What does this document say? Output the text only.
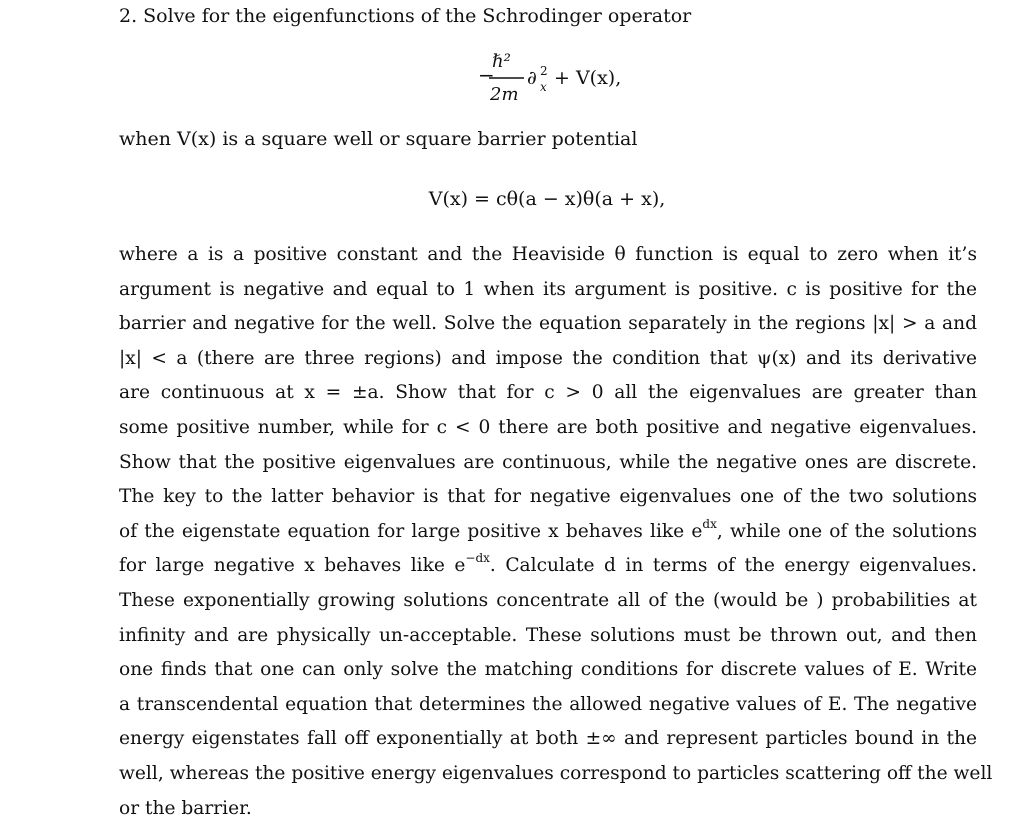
2. Solve for the eigenfunctions of the Schrodinger operator
−
ℏ²
2m
∂ 2
x + V(x),
when V(x) is a square well or square barrier potential
V(x) = cθ(a − x)θ(a + x),
where a is a positive constant and the Heaviside θ function is equal to zero when it’s
argument is negative and equal to 1 when its argument is positive. c is positive for the
barrier and negative for the well. Solve the equation separately in the regions |x| > a and
|x| < a (there are three regions) and impose the condition that ψ(x) and its derivative
are continuous at x = ±a. Show that for c > 0 all the eigenvalues are greater than
some positive number, while for c < 0 there are both positive and negative eigenvalues.
Show that the positive eigenvalues are continuous, while the negative ones are discrete.
The key to the latter behavior is that for negative eigenvalues one of the two solutions
of the eigenstate equation for large positive x behaves like $e^{dx}$, while one of the solutions
for large negative x behaves like $e^{-dx}$. Calculate d in terms of the energy eigenvalues.
These exponentially growing solutions concentrate all of the (would be ) probabilities at
infinity and are physically un-acceptable. These solutions must be thrown out, and then
one finds that one can only solve the matching conditions for discrete values of E. Write
a transcendental equation that determines the allowed negative values of E. The negative
energy eigenstates fall off exponentially at both ±∞ and represent particles bound in the
well, whereas the positive energy eigenvalues correspond to particles scattering off the well
or the barrier.
